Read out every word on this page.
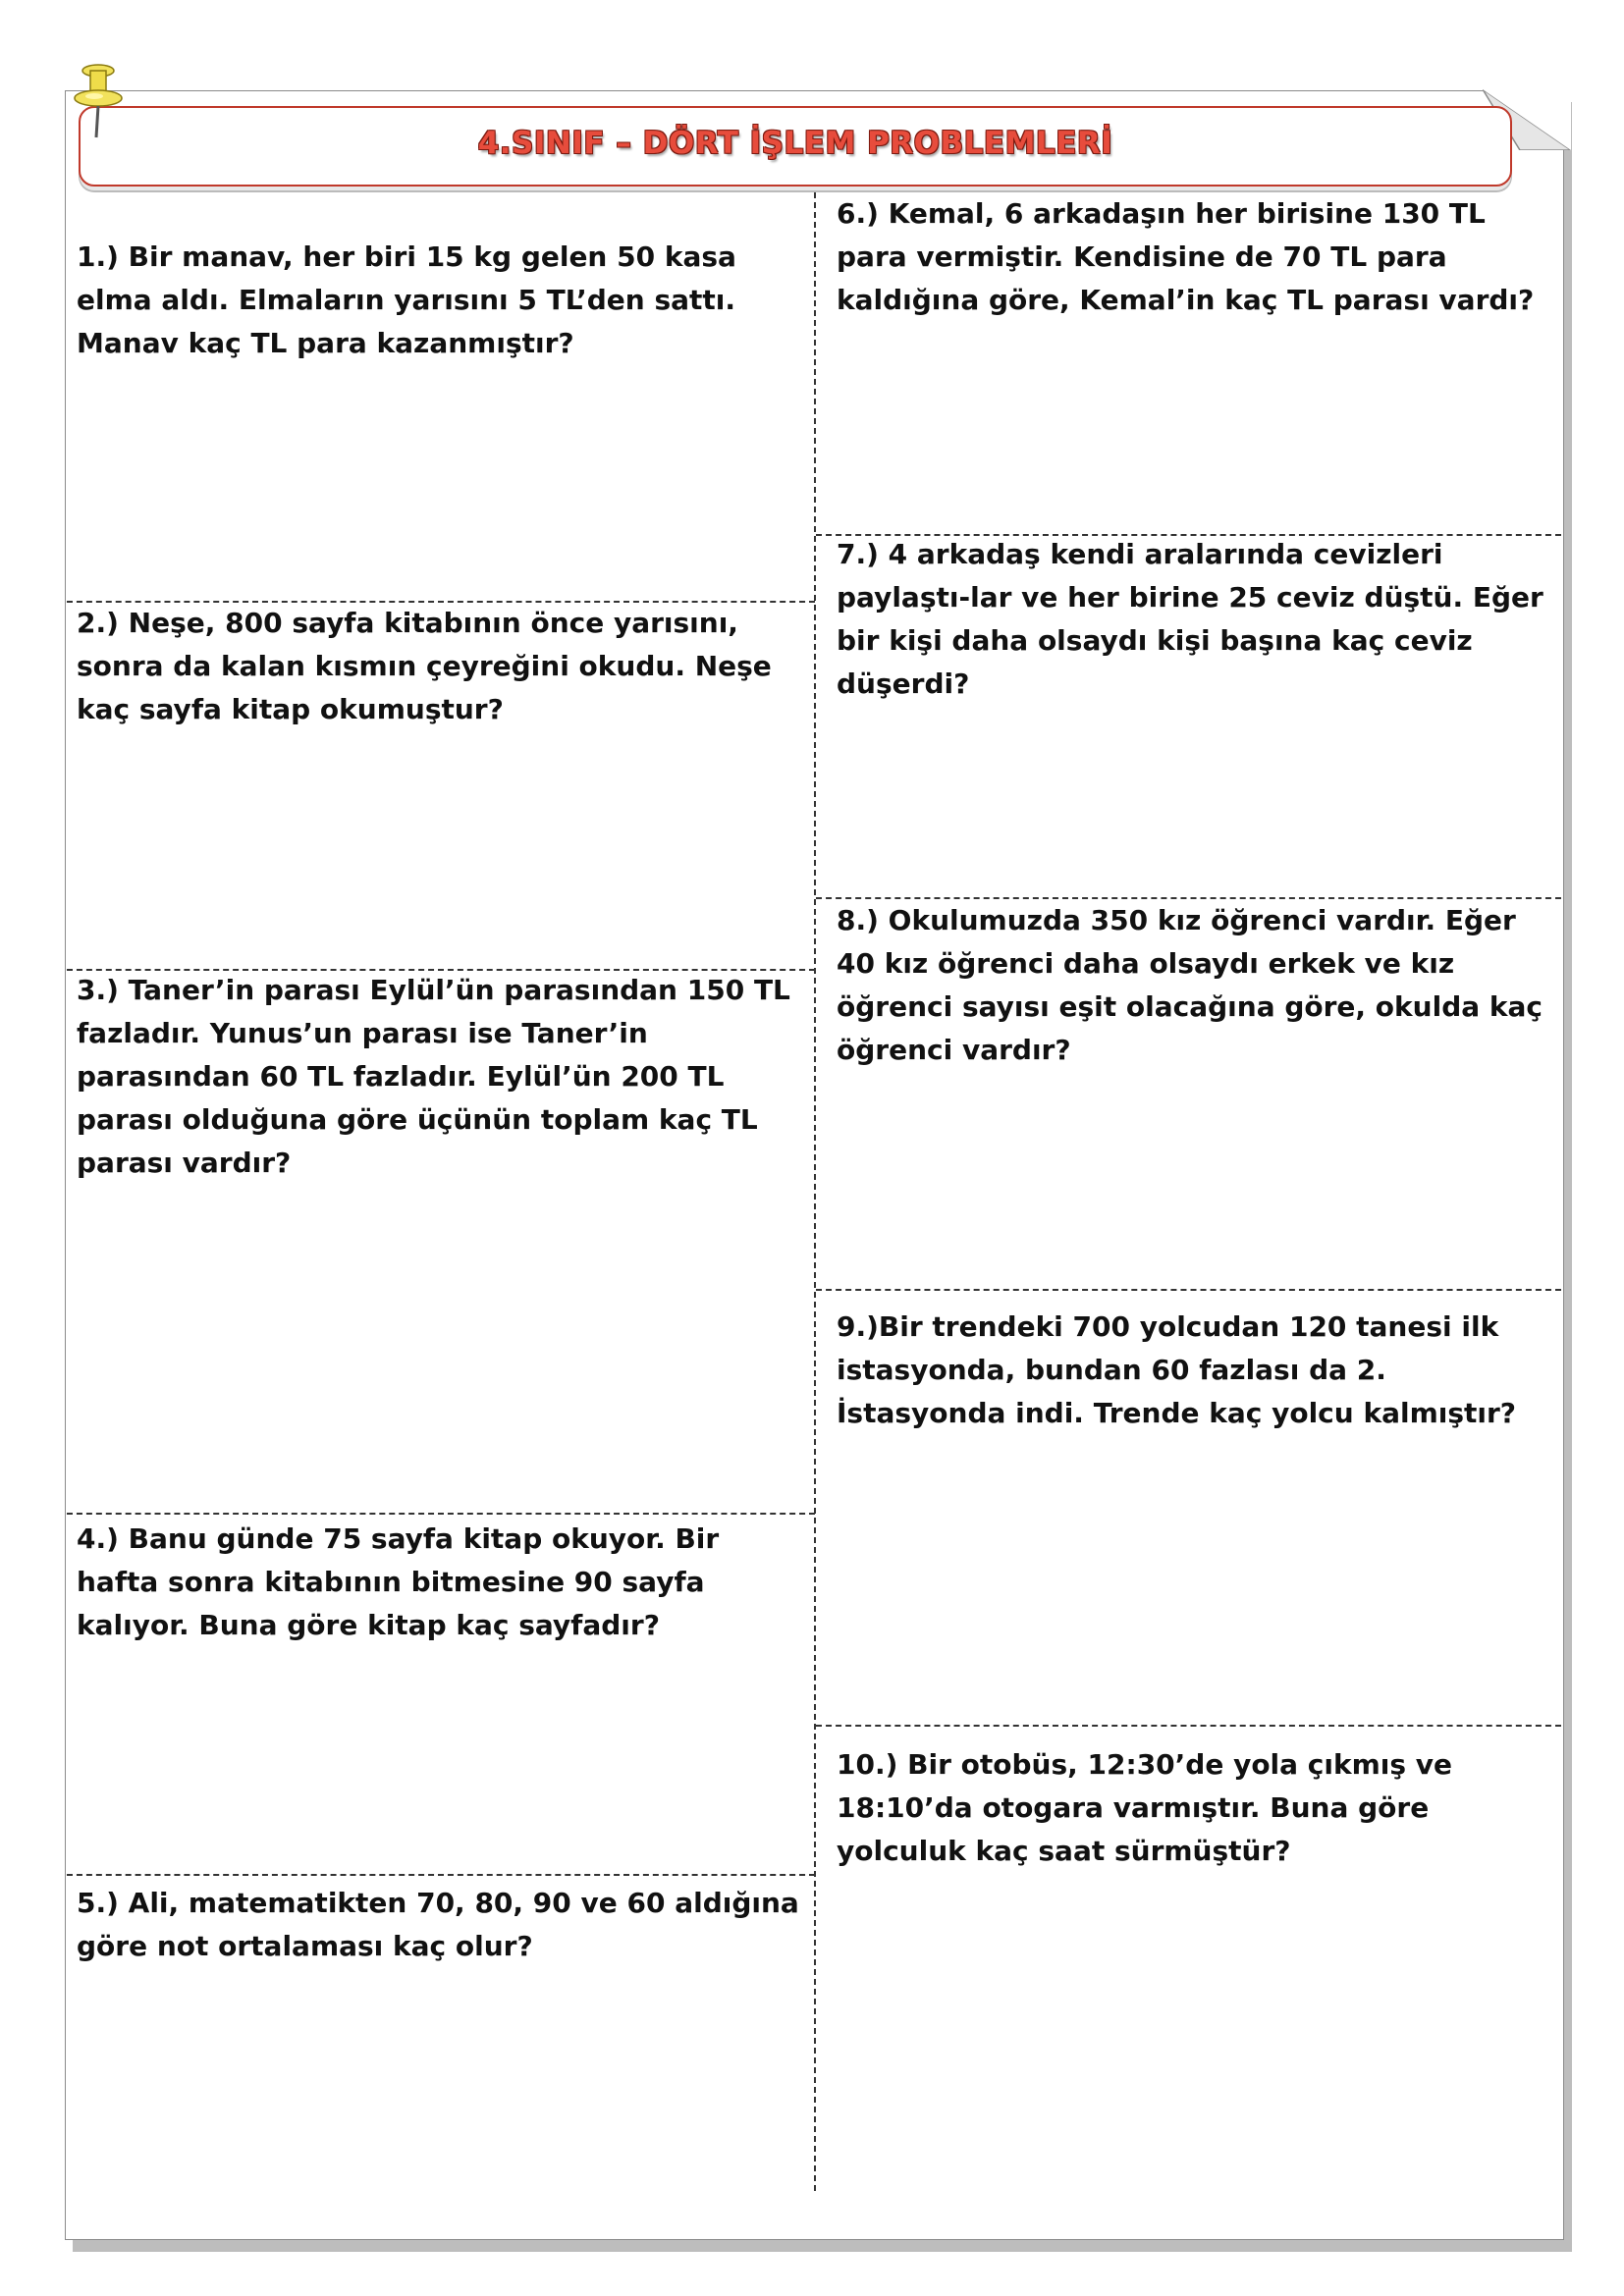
4.SINIF – DÖRT İŞLEM PROBLEMLERİ

1.) Bir manav, her biri 15 kg gelen 50 kasa elma aldı. Elmaların yarısını 5 TL’den sattı. Manav kaç TL para kazanmıştır?

2.) Neşe, 800 sayfa kitabının önce yarısını, sonra da kalan kısmın çeyreğini okudu. Neşe kaç sayfa kitap okumuştur?

3.) Taner’in parası Eylül’ün parasından 150 TL fazladır. Yunus’un parası ise Taner’in parasından 60 TL fazladır. Eylül’ün 200 TL parası olduğuna göre üçünün toplam kaç TL parası vardır?

4.) Banu günde 75 sayfa kitap okuyor. Bir hafta sonra kitabının bitmesine 90 sayfa kalıyor. Buna göre kitap kaç sayfadır?

5.) Ali, matematikten 70, 80, 90 ve 60 aldığına göre not ortalaması kaç olur?

6.) Kemal, 6 arkadaşın her birisine 130 TL para vermiştir. Kendisine de 70 TL para kaldığına göre, Kemal’in kaç TL parası vardı?

7.) 4 arkadaş kendi aralarında cevizleri paylaştı-lar ve her birine 25 ceviz düştü. Eğer bir kişi daha olsaydı kişi başına kaç ceviz düşerdi?

8.) Okulumuzda 350 kız öğrenci vardır. Eğer 40 kız öğrenci daha olsaydı erkek ve kız öğrenci sayısı eşit olacağına göre, okulda kaç öğrenci vardır?

9.)Bir trendeki 700 yolcudan 120 tanesi ilk istasyonda, bundan 60 fazlası da 2. İstasyonda indi. Trende kaç yolcu kalmıştır?

10.) Bir otobüs, 12:30’de yola çıkmış ve 18:10’da otogara varmıştır. Buna göre yolculuk kaç saat sürmüştür?
